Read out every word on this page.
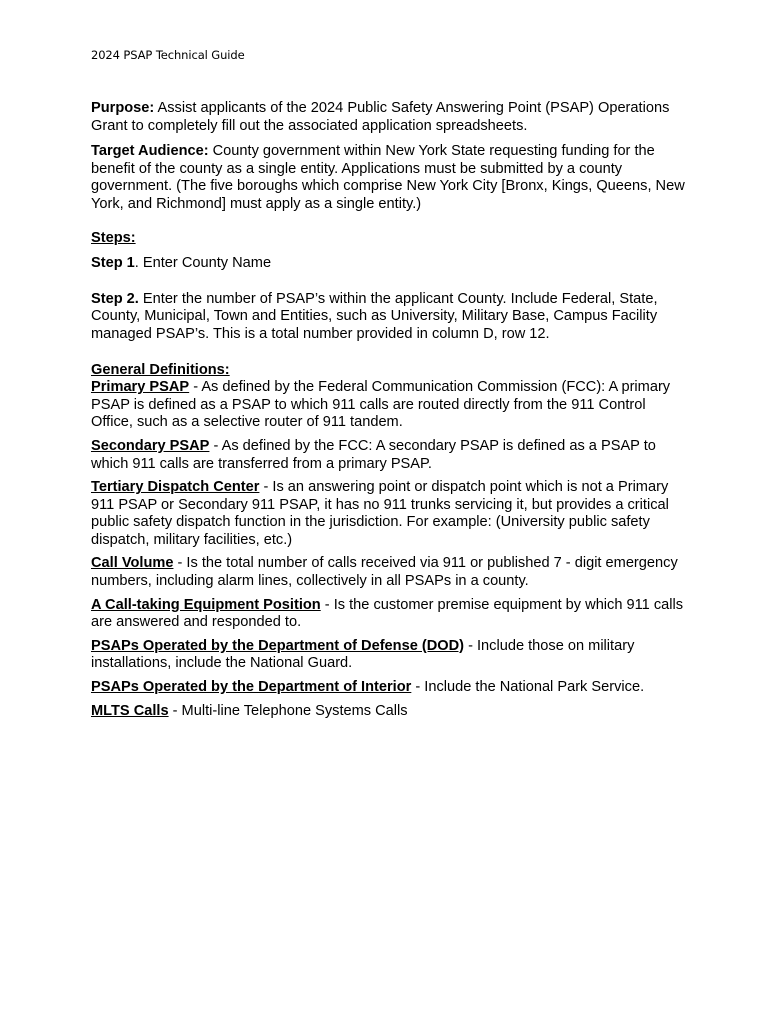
2024 PSAP Technical Guide

Purpose: Assist applicants of the 2024 Public Safety Answering Point (PSAP) Operations Grant to completely fill out the associated application spreadsheets.

Target Audience: County government within New York State requesting funding for the benefit of the county as a single entity. Applications must be submitted by a county government. (The five boroughs which comprise New York City [Bronx, Kings, Queens, New York, and Richmond] must apply as a single entity.)

Steps:

Step 1. Enter County Name

Step 2. Enter the number of PSAP’s within the applicant County. Include Federal, State, County, Municipal, Town and Entities, such as University, Military Base, Campus Facility managed PSAP’s. This is a total number provided in column D, row 12.

General Definitions:

Primary PSAP - As defined by the Federal Communication Commission (FCC): A primary PSAP is defined as a PSAP to which 911 calls are routed directly from the 911 Control Office, such as a selective router of 911 tandem.

Secondary PSAP - As defined by the FCC: A secondary PSAP is defined as a PSAP to which 911 calls are transferred from a primary PSAP.

Tertiary Dispatch Center - Is an answering point or dispatch point which is not a Primary 911 PSAP or Secondary 911 PSAP, it has no 911 trunks servicing it, but provides a critical public safety dispatch function in the jurisdiction. For example: (University public safety dispatch, military facilities, etc.)

Call Volume - Is the total number of calls received via 911 or published 7 - digit emergency numbers, including alarm lines, collectively in all PSAPs in a county.

A Call-taking Equipment Position - Is the customer premise equipment by which 911 calls are answered and responded to.

PSAPs Operated by the Department of Defense (DOD) - Include those on military installations, include the National Guard.

PSAPs Operated by the Department of Interior - Include the National Park Service.

MLTS Calls - Multi-line Telephone Systems Calls
